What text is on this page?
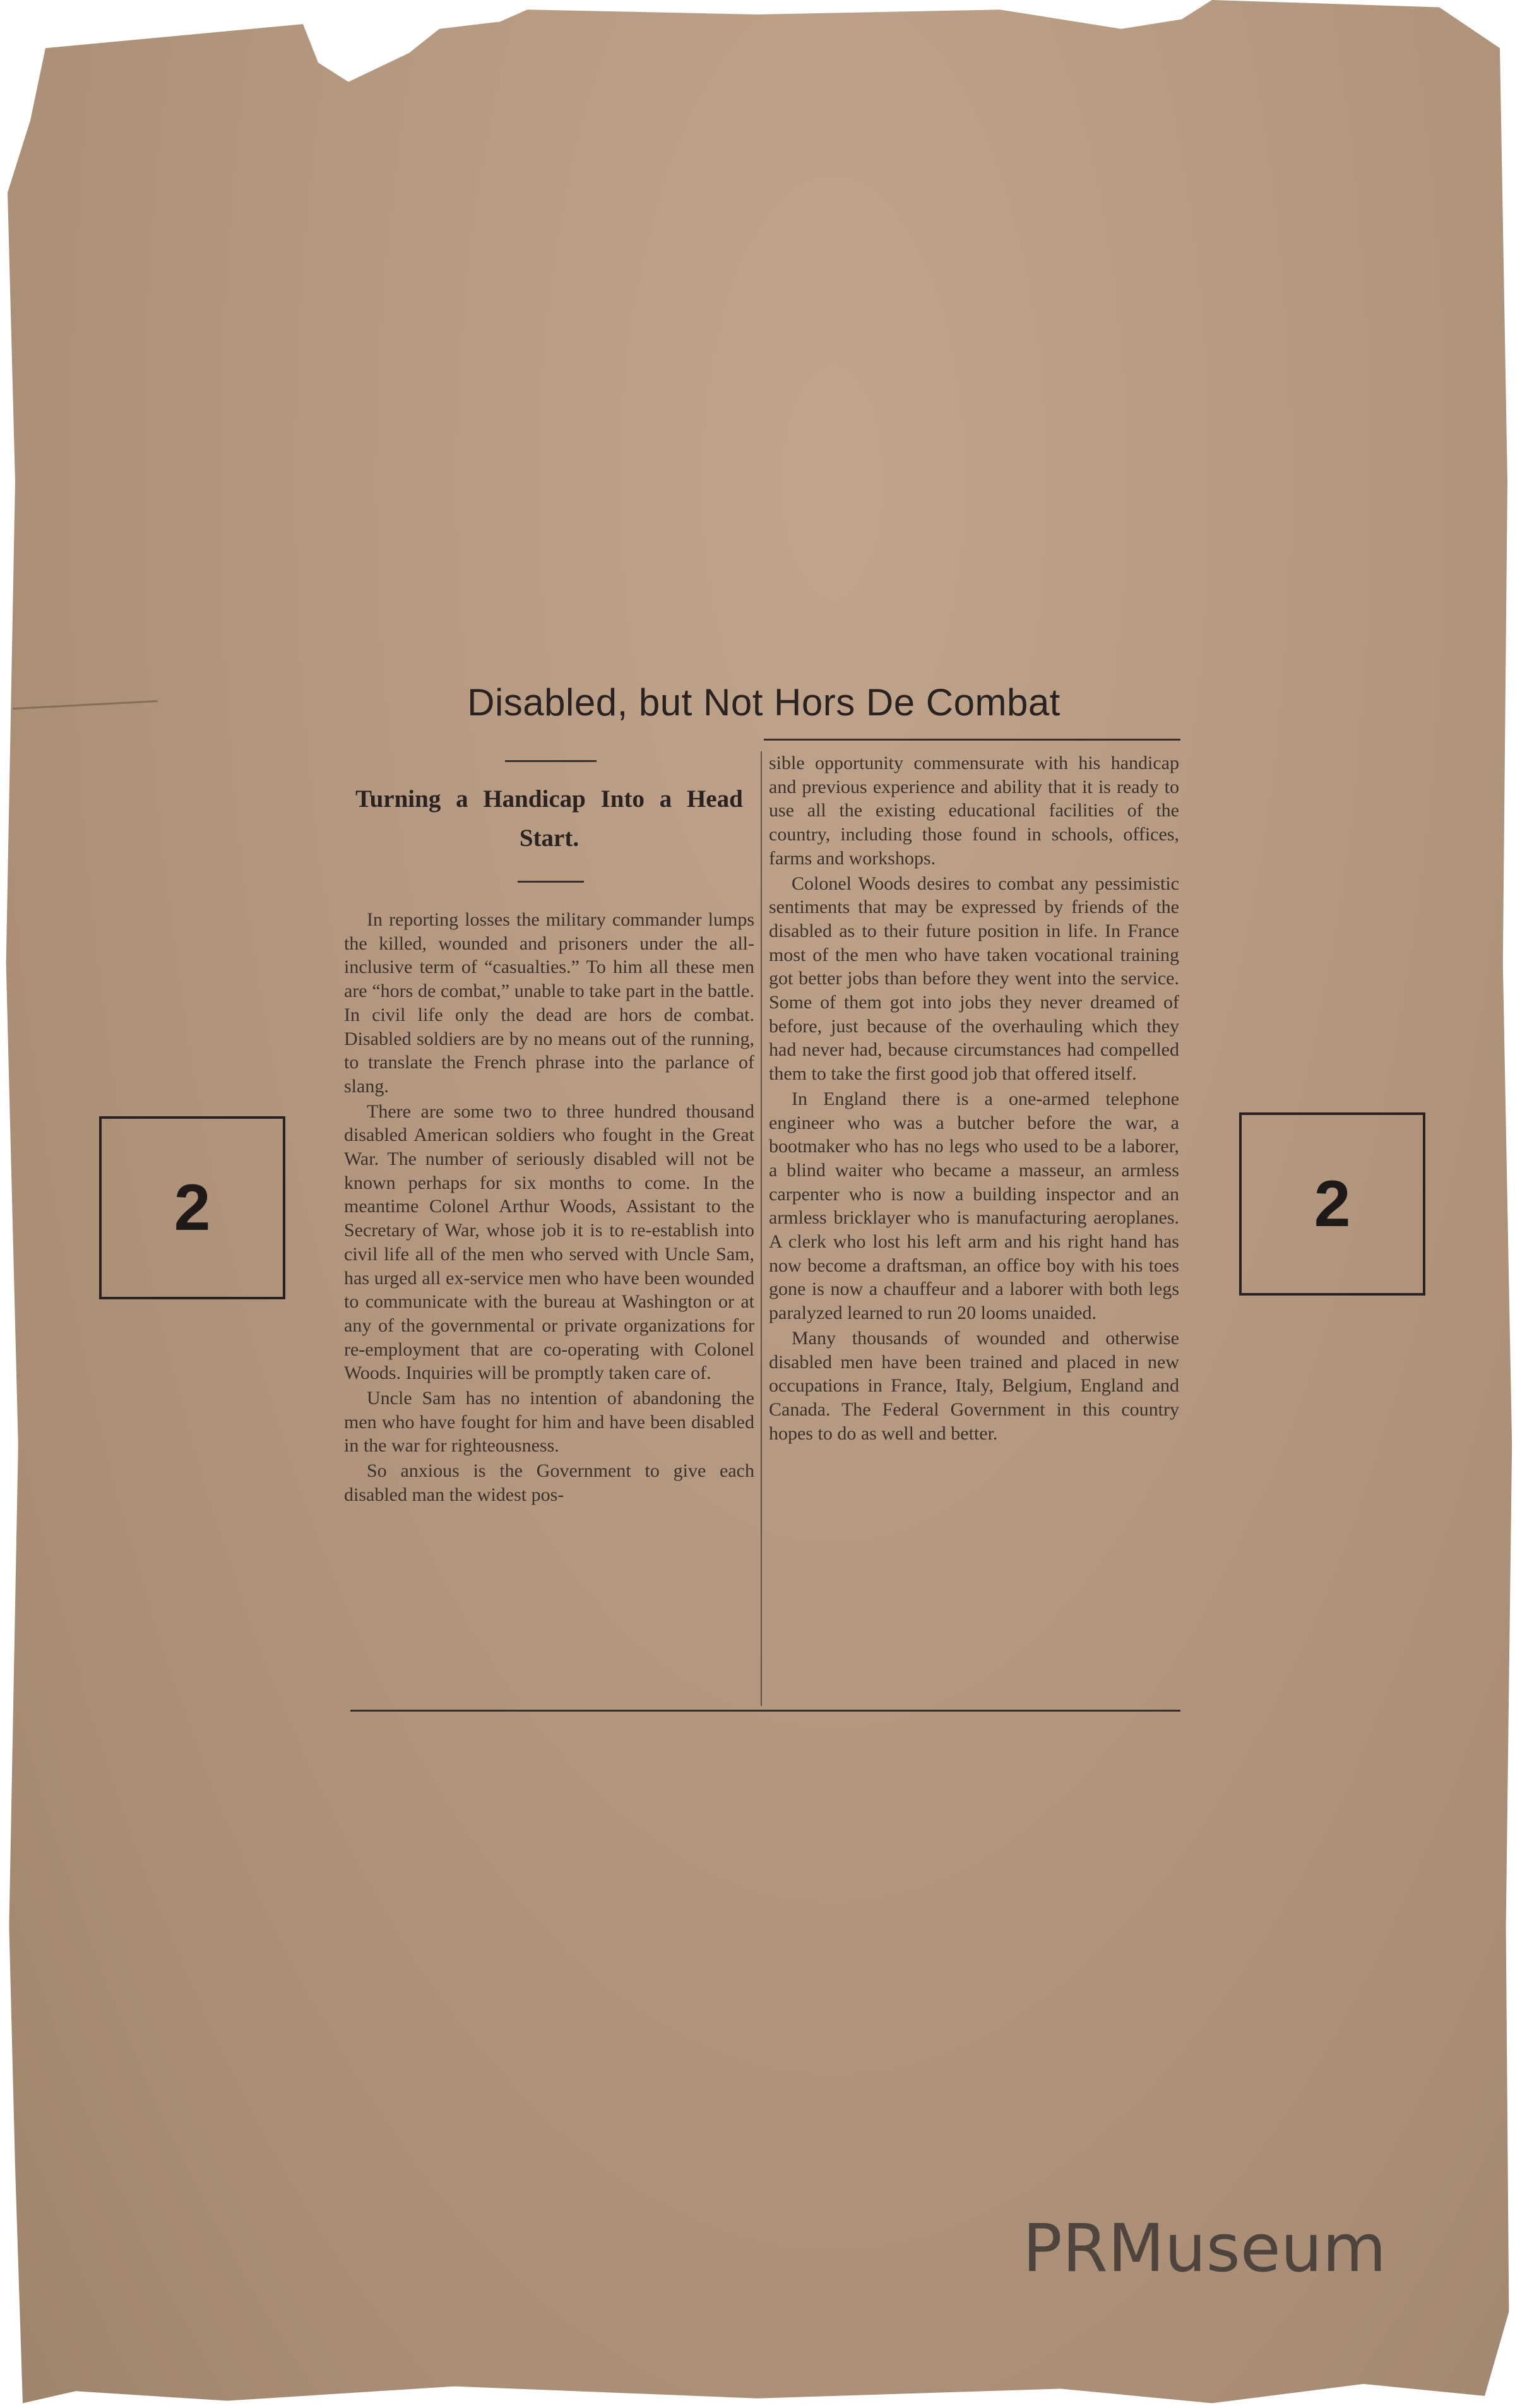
Disabled, but Not Hors De Combat
Turning a Handicap Into a Head Start.

In reporting losses the military commander lumps the killed, wounded and prisoners under the all-inclusive term of “casualties.” To him all these men are “hors de combat,” unable to take part in the battle. In civil life only the dead are hors de combat. Disabled soldiers are by no means out of the running, to translate the French phrase into the parlance of slang.

There are some two to three hundred thousand disabled American soldiers who fought in the Great War. The number of seriously disabled will not be known perhaps for six months to come. In the meantime Colonel Arthur Woods, Assistant to the Secretary of War, whose job it is to re-establish into civil life all of the men who served with Uncle Sam, has urged all ex-service men who have been wounded to communicate with the bureau at Washington or at any of the governmental or private organizations for re-employment that are co-operating with Colonel Woods. Inquiries will be promptly taken care of.

Uncle Sam has no intention of abandoning the men who have fought for him and have been disabled in the war for righteousness.

So anxious is the Government to give each disabled man the widest pos-

sible opportunity commensurate with his handicap and previous experience and ability that it is ready to use all the existing educational facilities of the country, including those found in schools, offices, farms and workshops.

Colonel Woods desires to combat any pessimistic sentiments that may be expressed by friends of the disabled as to their future position in life. In France most of the men who have taken vocational training got better jobs than before they went into the service. Some of them got into jobs they never dreamed of before, just because of the overhauling which they had never had, because circumstances had compelled them to take the first good job that offered itself.

In England there is a one-armed telephone engineer who was a butcher before the war, a bootmaker who has no legs who used to be a laborer, a blind waiter who became a masseur, an armless carpenter who is now a building inspector and an armless bricklayer who is manufacturing aeroplanes. A clerk who lost his left arm and his right hand has now become a draftsman, an office boy with his toes gone is now a chauffeur and a laborer with both legs paralyzed learned to run 20 looms unaided.

Many thousands of wounded and otherwise disabled men have been trained and placed in new occupations in France, Italy, Belgium, England and Canada. The Federal Government in this country hopes to do as well and better.

2	2
PRMuseum
